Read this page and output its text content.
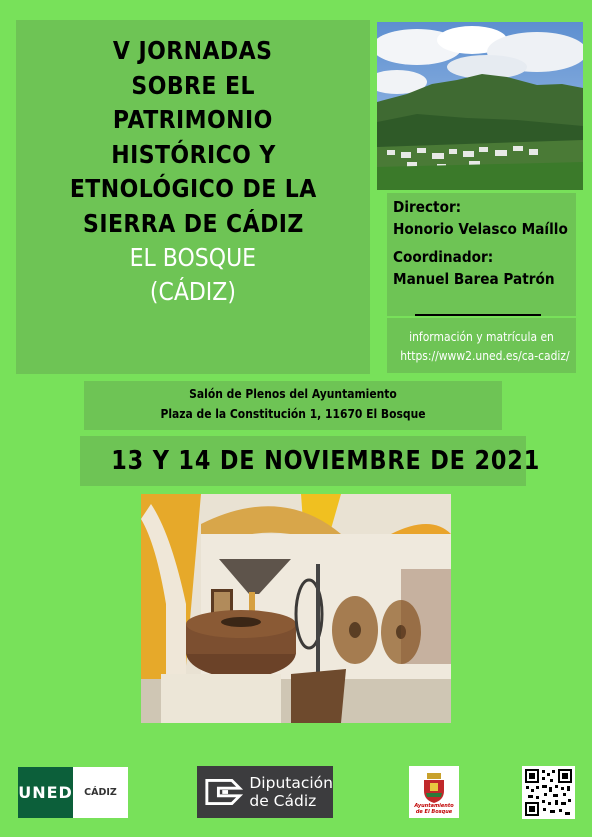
V JORNADAS
SOBRE EL
PATRIMONIO
HISTÓRICO Y
ETNOLÓGICO DE LA
SIERRA DE CÁDIZ
EL BOSQUE
(CÁDIZ)
Director:
Honorio Velasco Maíllo
Coordinador:
Manuel Barea Patrón
información y matrícula en
https://www2.uned.es/ca-cadiz/
Salón de Plenos del Ayuntamiento
Plaza de la Constitución 1, 11670 El Bosque
13 Y 14 DE NOVIEMBRE DE 2021
UNED	CÁDIZ
Diputación
de Cádiz	Ayuntamiento
de El Bosque
